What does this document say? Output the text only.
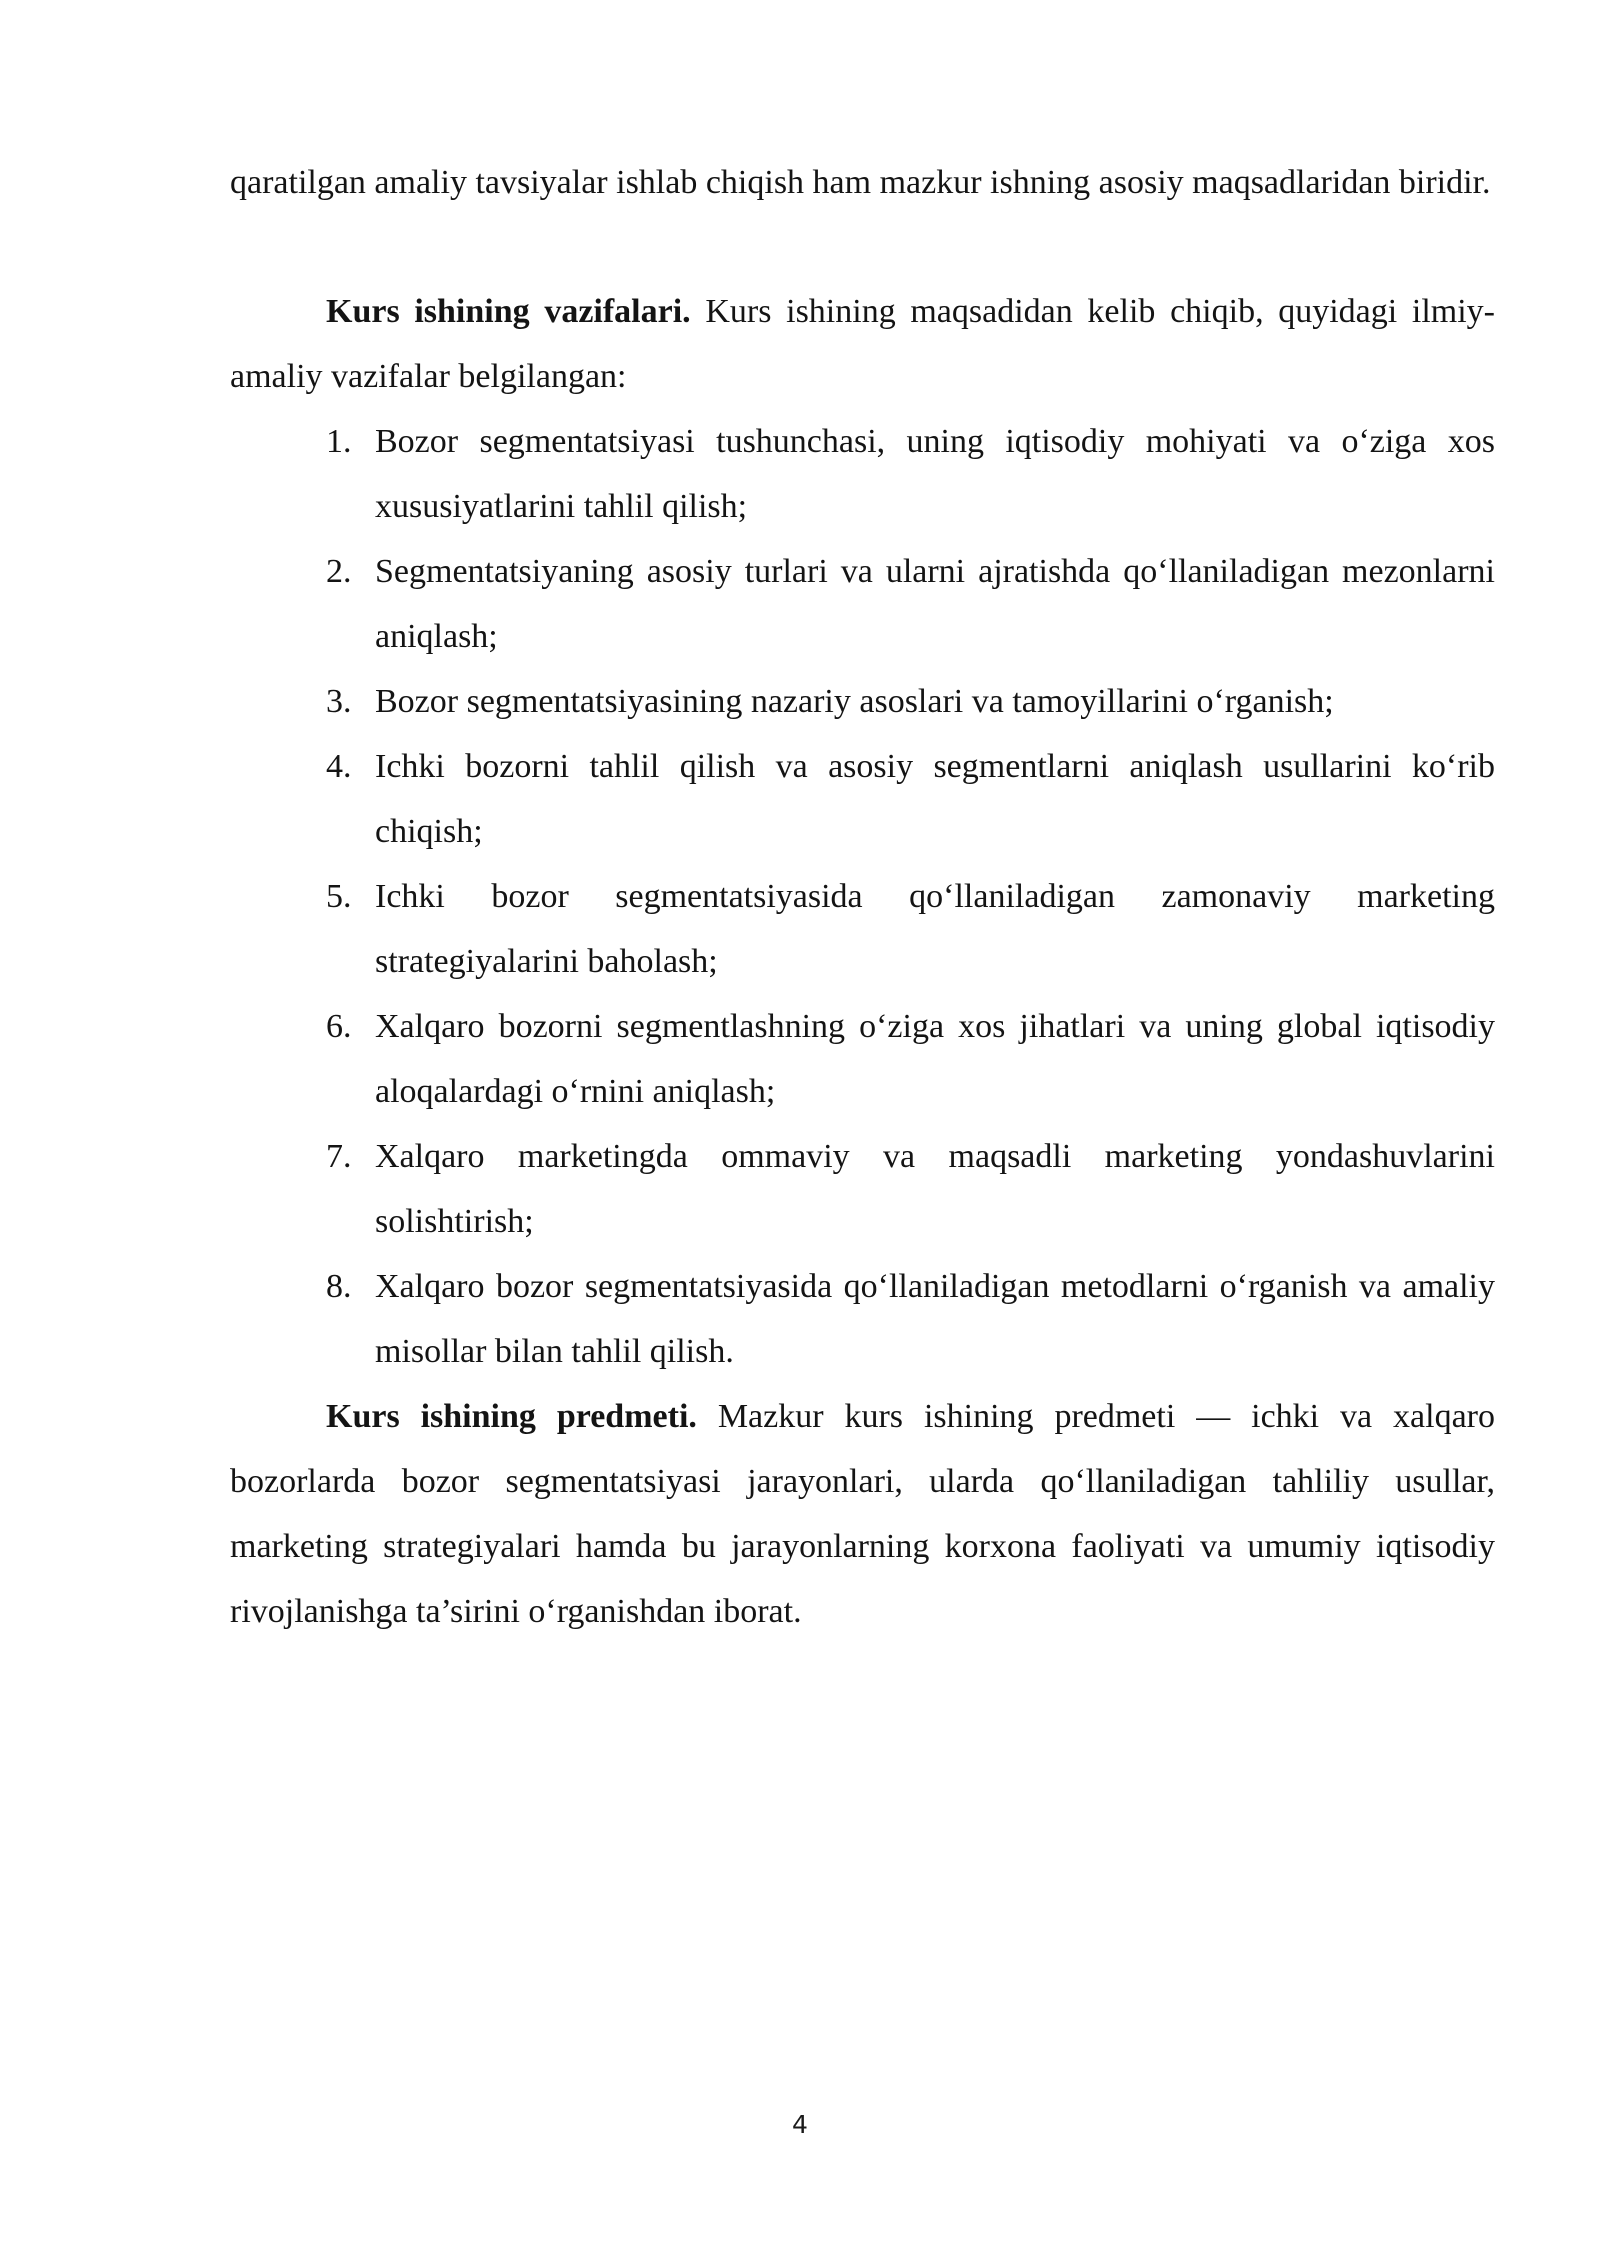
qaratilgan amaliy tavsiyalar ishlab chiqish ham mazkur ishning asosiy maqsadlaridan biridir.

Kurs ishining vazifalari. Kurs ishining maqsadidan kelib chiqib, quyidagi ilmiy-amaliy vazifalar belgilangan:

1. Bozor segmentatsiyasi tushunchasi, uning iqtisodiy mohiyati va o‘ziga xos xususiyatlarini tahlil qilish;
2. Segmentatsiyaning asosiy turlari va ularni ajratishda qo‘llaniladigan mezonlarni aniqlash;
3. Bozor segmentatsiyasining nazariy asoslari va tamoyillarini o‘rganish;
4. Ichki bozorni tahlil qilish va asosiy segmentlarni aniqlash usullarini ko‘rib chiqish;
5. Ichki bozor segmentatsiyasida qo‘llaniladigan zamonaviy marketing strategiyalarini baholash;
6. Xalqaro bozorni segmentlashning o‘ziga xos jihatlari va uning global iqtisodiy aloqalardagi o‘rnini aniqlash;
7. Xalqaro marketingda ommaviy va maqsadli marketing yondashuvlarini solishtirish;
8. Xalqaro bozor segmentatsiyasida qo‘llaniladigan metodlarni o‘rganish va amaliy misollar bilan tahlil qilish.

Kurs ishining predmeti. Mazkur kurs ishining predmeti — ichki va xalqaro bozorlarda bozor segmentatsiyasi jarayonlari, ularda qo‘llaniladigan tahliliy usullar, marketing strategiyalari hamda bu jarayonlarning korxona faoliyati va umumiy iqtisodiy rivojlanishga ta’sirini o‘rganishdan iborat.

4
